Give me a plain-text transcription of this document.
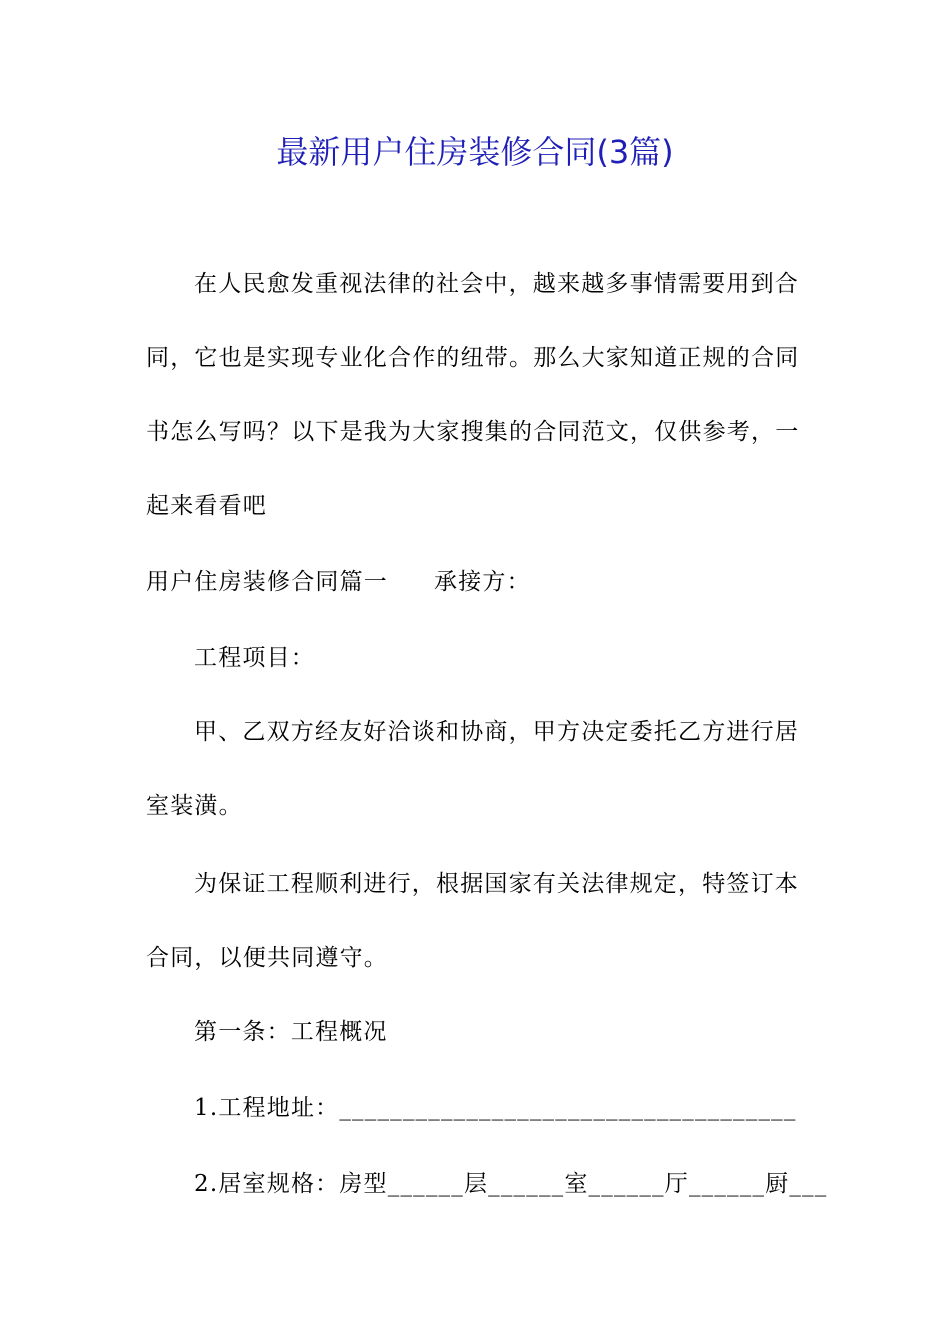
最新用户住房装修合同(3篇)
在人民愈发重视法律的社会中，越来越多事情需要用到合
同，它也是实现专业化合作的纽带。那么大家知道正规的合同
书怎么写吗？以下是我为大家搜集的合同范文，仅供参考，一
起来看看吧
用户住房装修合同篇一 承接方：
工程项目：
甲、乙双方经友好洽谈和协商，甲方决定委托乙方进行居
室装潢。
为保证工程顺利进行，根据国家有关法律规定，特签订本
合同，以便共同遵守。
第一条：工程概况
1.工程地址：____________________________________
2.居室规格：房型______层______室______厅______厨___
